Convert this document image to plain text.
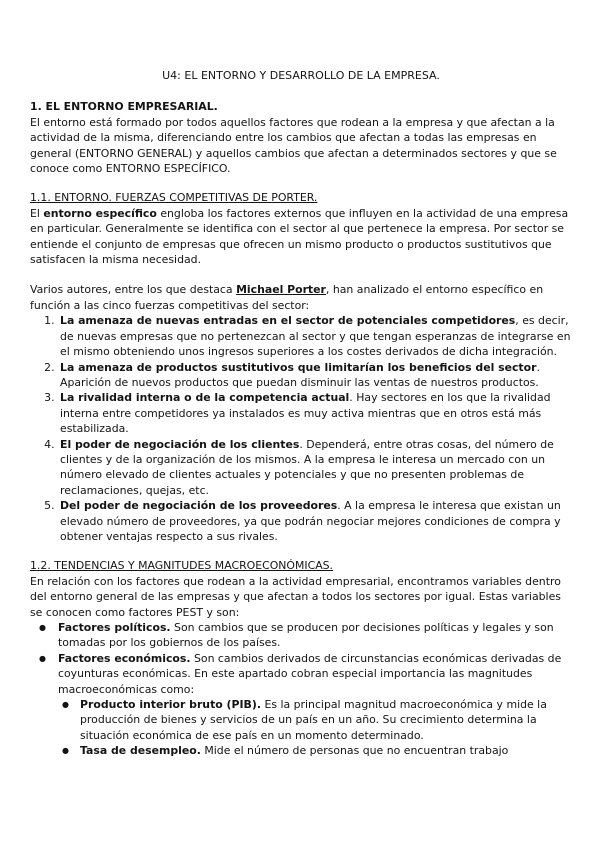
U4: EL ENTORNO Y DESARROLLO DE LA EMPRESA.

1. EL ENTORNO EMPRESARIAL.

El entorno está formado por todos aquellos factores que rodean a la empresa y que afectan a la actividad de la misma, diferenciando entre los cambios que afectan a todas las empresas en general (ENTORNO GENERAL) y aquellos cambios que afectan a determinados sectores y que se conoce como ENTORNO ESPECÍFICO.

1.1. ENTORNO. FUERZAS COMPETITIVAS DE PORTER.

El entorno específico engloba los factores externos que influyen en la actividad de una empresa en particular. Generalmente se identifica con el sector al que pertenece la empresa. Por sector se entiende el conjunto de empresas que ofrecen un mismo producto o productos sustitutivos que satisfacen la misma necesidad.

Varios autores, entre los que destaca Michael Porter, han analizado el entorno específico en función a las cinco fuerzas competitivas del sector:

1. La amenaza de nuevas entradas en el sector de potenciales competidores, es decir, de nuevas empresas que no pertenezcan al sector y que tengan esperanzas de integrarse en el mismo obteniendo unos ingresos superiores a los costes derivados de dicha integración.
2. La amenaza de productos sustitutivos que limitarían los beneficios del sector. Aparición de nuevos productos que puedan disminuir las ventas de nuestros productos.
3. La rivalidad interna o de la competencia actual. Hay sectores en los que la rivalidad interna entre competidores ya instalados es muy activa mientras que en otros está más estabilizada.
4. El poder de negociación de los clientes. Dependerá, entre otras cosas, del número de clientes y de la organización de los mismos. A la empresa le interesa un mercado con un número elevado de clientes actuales y potenciales y que no presenten problemas de reclamaciones, quejas, etc.
5. Del poder de negociación de los proveedores. A la empresa le interesa que existan un elevado número de proveedores, ya que podrán negociar mejores condiciones de compra y obtener ventajas respecto a sus rivales.

1.2. TENDENCIAS Y MAGNITUDES MACROECONÓMICAS.

En relación con los factores que rodean a la actividad empresarial, encontramos variables dentro del entorno general de las empresas y que afectan a todos los sectores por igual. Estas variables se conocen como factores PEST y son:

● Factores políticos. Son cambios que se producen por decisiones políticas y legales y son tomadas por los gobiernos de los países.
● Factores económicos. Son cambios derivados de circunstancias económicas derivadas de coyunturas económicas. En este apartado cobran especial importancia las magnitudes macroeconómicas como:
● Producto interior bruto (PIB). Es la principal magnitud macroeconómica y mide la producción de bienes y servicios de un país en un año. Su crecimiento determina la situación económica de ese país en un momento determinado.
● Tasa de desempleo. Mide el número de personas que no encuentran trabajo
